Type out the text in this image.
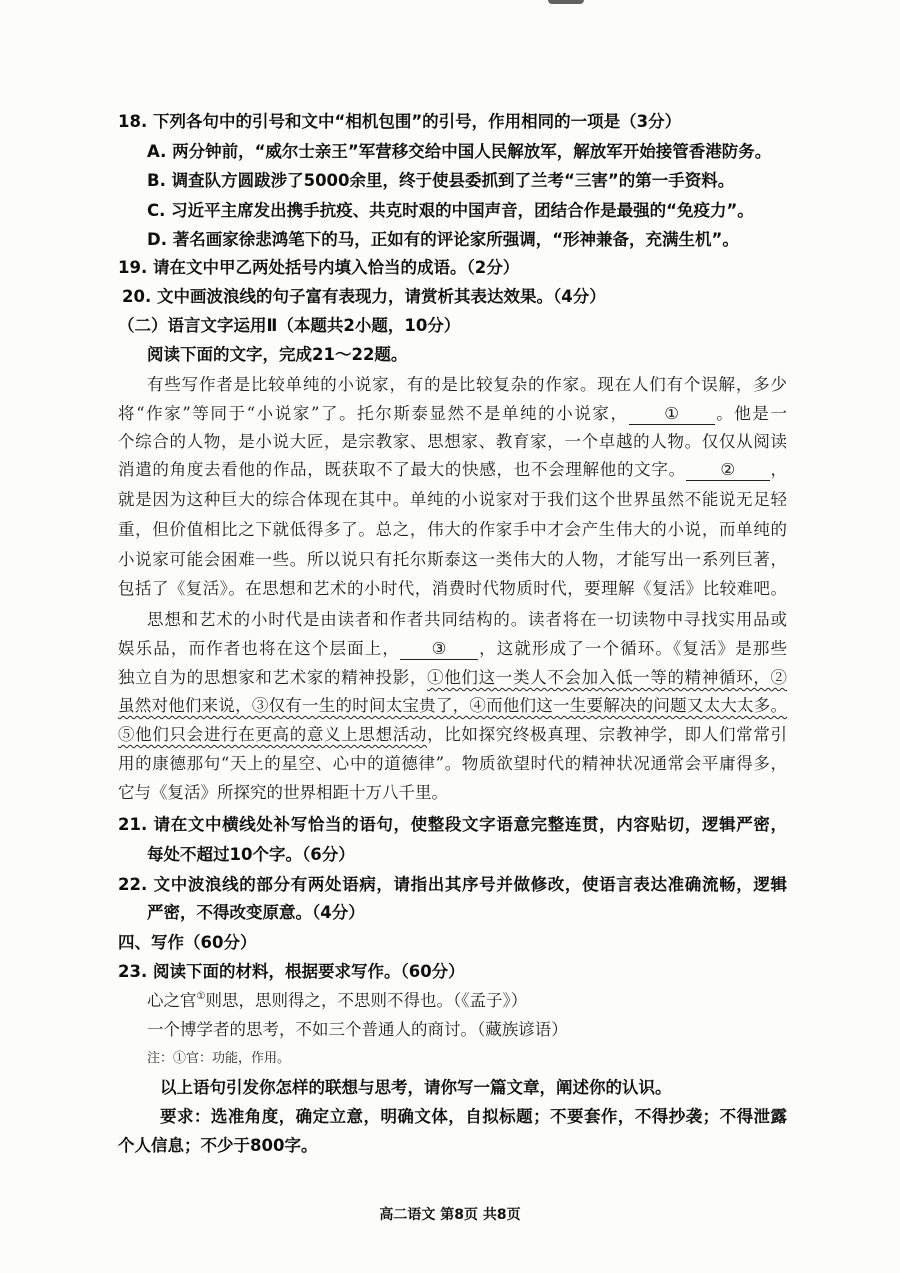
18. 下列各句中的引号和文中“相机包围”的引号，作用相同的一项是（3分）
A. 两分钟前，“威尔士亲王”军营移交给中国人民解放军，解放军开始接管香港防务。
B. 调查队方圆跋涉了5000余里，终于使县委抓到了兰考“三害”的第一手资料。
C. 习近平主席发出携手抗疫、共克时艰的中国声音，团结合作是最强的“免疫力”。
D. 著名画家徐悲鸿笔下的马，正如有的评论家所强调，“形神兼备，充满生机”。
19. 请在文中甲乙两处括号内填入恰当的成语。（2分）
20. 文中画波浪线的句子富有表现力，请赏析其表达效果。（4分）
（二）语言文字运用Ⅱ（本题共2小题，10分）
阅读下面的文字，完成21～22题。
有些写作者是比较单纯的小说家，有的是比较复杂的作家。现在人们有个误解，多少
将“作家”等同于“小说家”了。托尔斯泰显然不是单纯的小说家， ① 。他是一
个综合的人物，是小说大匠，是宗教家、思想家、教育家，一个卓越的人物。仅仅从阅读
消遣的角度去看他的作品，既获取不了最大的快感，也不会理解他的文字。 ② ，
就是因为这种巨大的综合体现在其中。单纯的小说家对于我们这个世界虽然不能说无足轻
重，但价值相比之下就低得多了。总之，伟大的作家手中才会产生伟大的小说，而单纯的
小说家可能会困难一些。所以说只有托尔斯泰这一类伟大的人物，才能写出一系列巨著，
包括了《复活》。在思想和艺术的小时代，消费时代物质时代，要理解《复活》比较难吧。
思想和艺术的小时代是由读者和作者共同结构的。读者将在一切读物中寻找实用品或
娱乐品，而作者也将在这个层面上， ③ ，这就形成了一个循环。《复活》是那些
独立自为的思想家和艺术家的精神投影，①他们这一类人不会加入低一等的精神循环，②
虽然对他们来说，③仅有一生的时间太宝贵了，④而他们这一生要解决的问题又太大太多。
⑤他们只会进行在更高的意义上思想活动，比如探究终极真理、宗教神学，即人们常常引
用的康德那句“天上的星空、心中的道德律”。物质欲望时代的精神状况通常会平庸得多，
它与《复活》所探究的世界相距十万八千里。
21. 请在文中横线处补写恰当的语句，使整段文字语意完整连贯，内容贴切，逻辑严密，
每处不超过10个字。（6分）
22. 文中波浪线的部分有两处语病，请指出其序号并做修改，使语言表达准确流畅，逻辑
严密，不得改变原意。（4分）
四、写作（60分）
23. 阅读下面的材料，根据要求写作。（60分）
心之官①则思，思则得之，不思则不得也。（《孟子》）
一个博学者的思考，不如三个普通人的商讨。（藏族谚语）
注：①官：功能，作用。
以上语句引发你怎样的联想与思考，请你写一篇文章，阐述你的认识。
要求：选准角度，确定立意，明确文体，自拟标题；不要套作，不得抄袭；不得泄露
个人信息；不少于800字。
高二语文 第8页 共8页
